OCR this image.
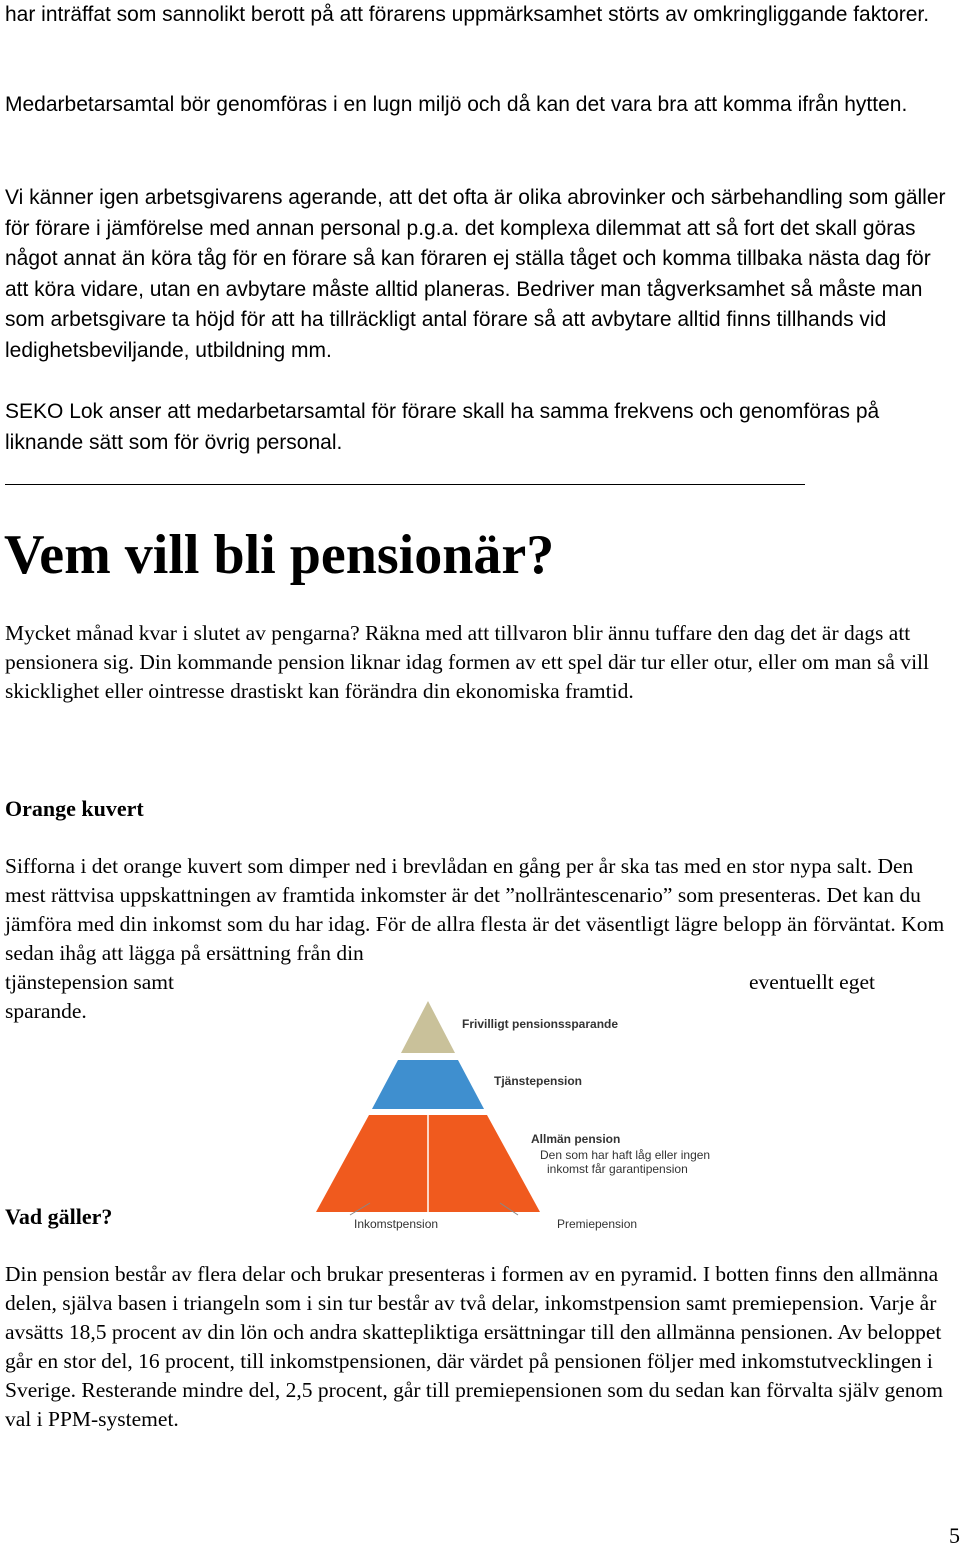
har inträffat som sannolikt berott på att förarens uppmärksamhet störts av omkringliggande faktorer.

Medarbetarsamtal bör genomföras i en lugn miljö och då kan det vara bra att komma ifrån hytten.

Vi känner igen arbetsgivarens agerande, att det ofta är olika abrovinker och särbehandling som gäller för förare i jämförelse med annan personal p.g.a. det komplexa dilemmat att så fort det skall göras något annat än köra tåg för en förare så kan föraren ej ställa tåget och komma tillbaka nästa dag för att köra vidare, utan en avbytare måste alltid planeras. Bedriver man tågverksamhet så måste man som arbetsgivare ta höjd för att ha tillräckligt antal förare så att avbytare alltid finns tillhands vid ledighetsbeviljande, utbildning mm.

SEKO Lok anser att medarbetarsamtal för förare skall ha samma frekvens och genomföras på liknande sätt som för övrig personal.

Vem vill bli pensionär?

Mycket månad kvar i slutet av pengarna? Räkna med att tillvaron blir ännu tuffare den dag det är dags att pensionera sig. Din kommande pension liknar idag formen av ett spel där tur eller otur, eller om man så vill skicklighet eller ointresse drastiskt kan förändra din ekonomiska framtid.

Orange kuvert

Sifforna i det orange kuvert som dimper ned i brevlådan en gång per år ska tas med en stor nypa salt. Den mest rättvisa uppskattningen av framtida inkomster är det ”nollräntescenario” som presenteras. Det kan du jämföra med din inkomst som du har idag. För de allra flesta är det väsentligt lägre belopp än förväntat. Kom sedan ihåg att lägga på ersättning från din

tjänstepension samt	eventuellt eget
sparande.
Frivilligt pensionssparande
Tjänstepension
Allmän pension
Den som har haft låg eller ingen
inkomst får garantipension
Inkomstpension	Premiepension
Vad gäller?

Din pension består av flera delar och brukar presenteras i formen av en pyramid. I botten finns den allmänna delen, själva basen i triangeln som i sin tur består av två delar, inkomstpension samt premiepension. Varje år avsätts 18,5 procent av din lön och andra skattepliktiga ersättningar till den allmänna pensionen. Av beloppet går en stor del, 16 procent, till inkomstpensionen, där värdet på pensionen följer med inkomstutvecklingen i Sverige. Resterande mindre del, 2,5 procent, går till premiepensionen som du sedan kan förvalta själv genom val i PPM-systemet.

5
